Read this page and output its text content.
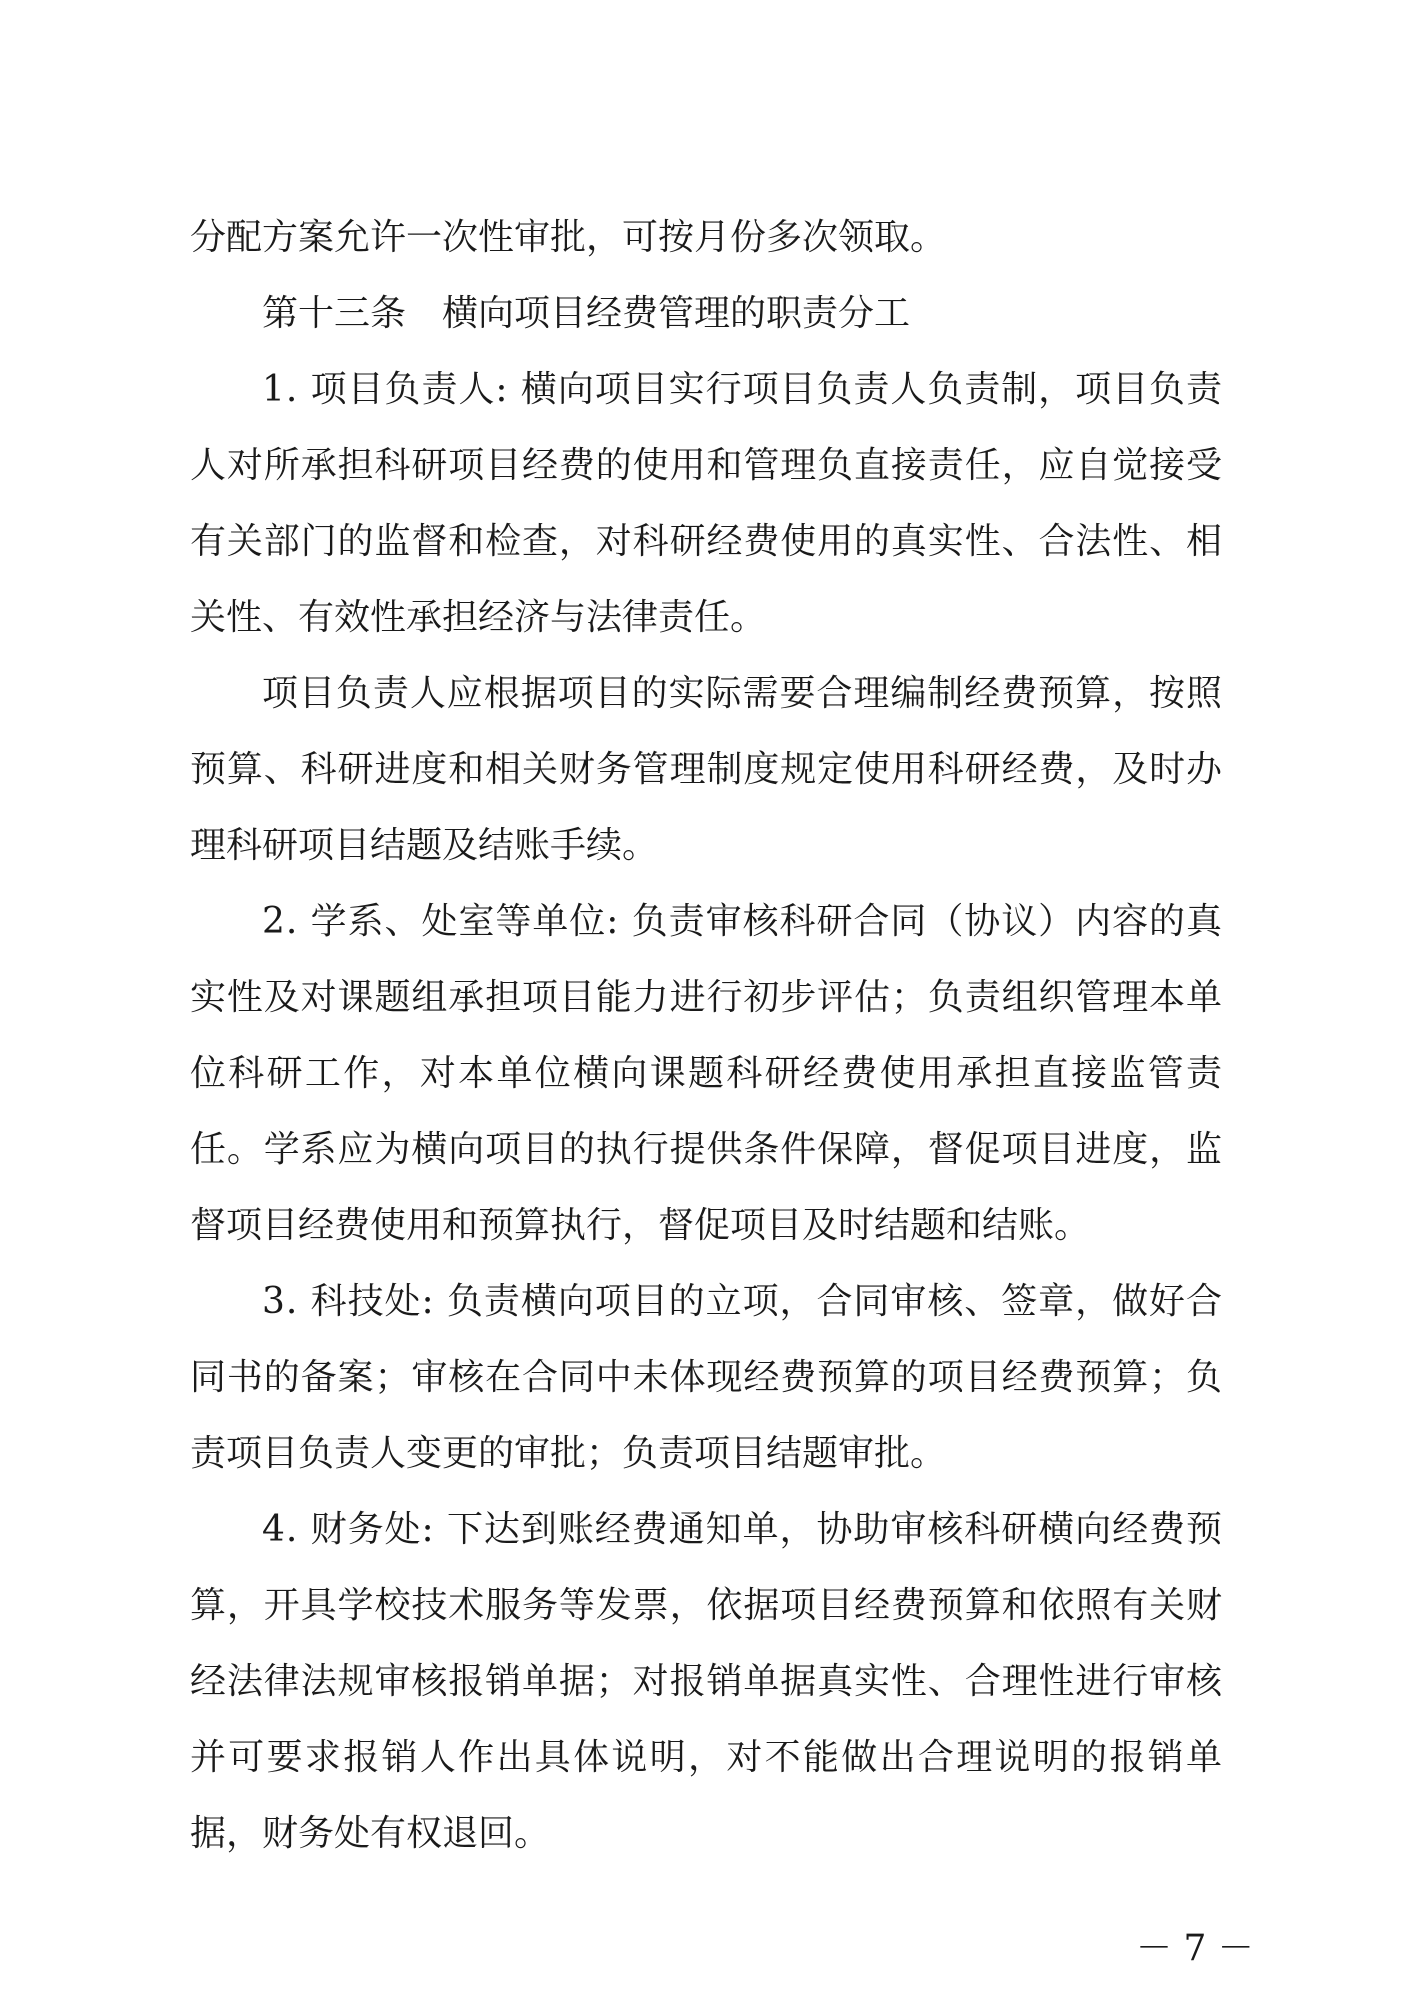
分配方案允许一次性审批，可按月份多次领取。
第十三条　横向项目经费管理的职责分工
1. 项目负责人: 横向项目实行项目负责人负责制，项目负责
人对所承担科研项目经费的使用和管理负直接责任，应自觉接受
有关部门的监督和检查，对科研经费使用的真实性、合法性、相
关性、有效性承担经济与法律责任。
项目负责人应根据项目的实际需要合理编制经费预算，按照
预算、科研进度和相关财务管理制度规定使用科研经费，及时办
理科研项目结题及结账手续。
2. 学系、处室等单位: 负责审核科研合同（协议）内容的真
实性及对课题组承担项目能力进行初步评估；负责组织管理本单
位科研工作，对本单位横向课题科研经费使用承担直接监管责
任。学系应为横向项目的执行提供条件保障，督促项目进度，监
督项目经费使用和预算执行，督促项目及时结题和结账。
3. 科技处: 负责横向项目的立项，合同审核、签章，做好合
同书的备案；审核在合同中未体现经费预算的项目经费预算；负
责项目负责人变更的审批；负责项目结题审批。
4. 财务处: 下达到账经费通知单，协助审核科研横向经费预
算，开具学校技术服务等发票，依据项目经费预算和依照有关财
经法律法规审核报销单据；对报销单据真实性、合理性进行审核
并可要求报销人作出具体说明，对不能做出合理说明的报销单
据，财务处有权退回。
－ 7 －
